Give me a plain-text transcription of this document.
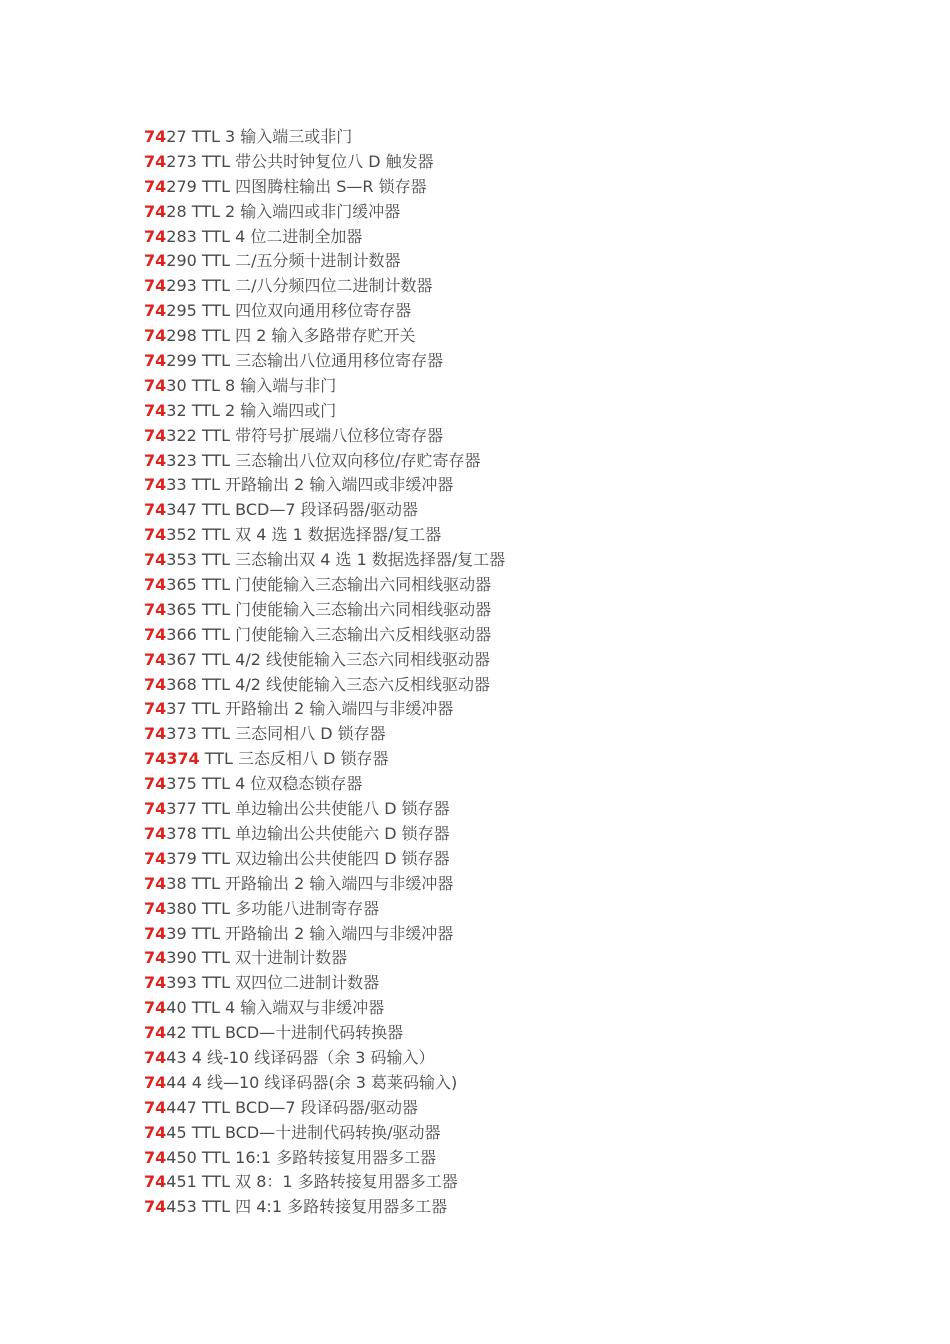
7427 TTL 3 输入端三或非门
74273 TTL 带公共时钟复位八 D 触发器
74279 TTL 四图腾柱输出 S—R 锁存器
7428 TTL 2 输入端四或非门缓冲器
74283 TTL 4 位二进制全加器
74290 TTL 二/五分频十进制计数器
74293 TTL 二/八分频四位二进制计数器
74295 TTL 四位双向通用移位寄存器
74298 TTL 四 2 输入多路带存贮开关
74299 TTL 三态输出八位通用移位寄存器
7430 TTL 8 输入端与非门
7432 TTL 2 输入端四或门
74322 TTL 带符号扩展端八位移位寄存器
74323 TTL 三态输出八位双向移位/存贮寄存器
7433 TTL 开路输出 2 输入端四或非缓冲器
74347 TTL BCD—7 段译码器/驱动器
74352 TTL 双 4 选 1 数据选择器/复工器
74353 TTL 三态输出双 4 选 1 数据选择器/复工器
74365 TTL 门使能输入三态输出六同相线驱动器
74365 TTL 门使能输入三态输出六同相线驱动器
74366 TTL 门使能输入三态输出六反相线驱动器
74367 TTL 4/2 线使能输入三态六同相线驱动器
74368 TTL 4/2 线使能输入三态六反相线驱动器
7437 TTL 开路输出 2 输入端四与非缓冲器
74373 TTL 三态同相八 D 锁存器
74374 TTL 三态反相八 D 锁存器
74375 TTL 4 位双稳态锁存器
74377 TTL 单边输出公共使能八 D 锁存器
74378 TTL 单边输出公共使能六 D 锁存器
74379 TTL 双边输出公共使能四 D 锁存器
7438 TTL 开路输出 2 输入端四与非缓冲器
74380 TTL 多功能八进制寄存器
7439 TTL 开路输出 2 输入端四与非缓冲器
74390 TTL 双十进制计数器
74393 TTL 双四位二进制计数器
7440 TTL 4 输入端双与非缓冲器
7442 TTL BCD—十进制代码转换器
7443 4 线-10 线译码器（余 3 码输入）
7444 4 线—10 线译码器(余 3 葛莱码输入)
74447 TTL BCD—7 段译码器/驱动器
7445 TTL BCD—十进制代码转换/驱动器
74450 TTL 16:1 多路转接复用器多工器
74451 TTL 双 8：1 多路转接复用器多工器
74453 TTL 四 4:1 多路转接复用器多工器
